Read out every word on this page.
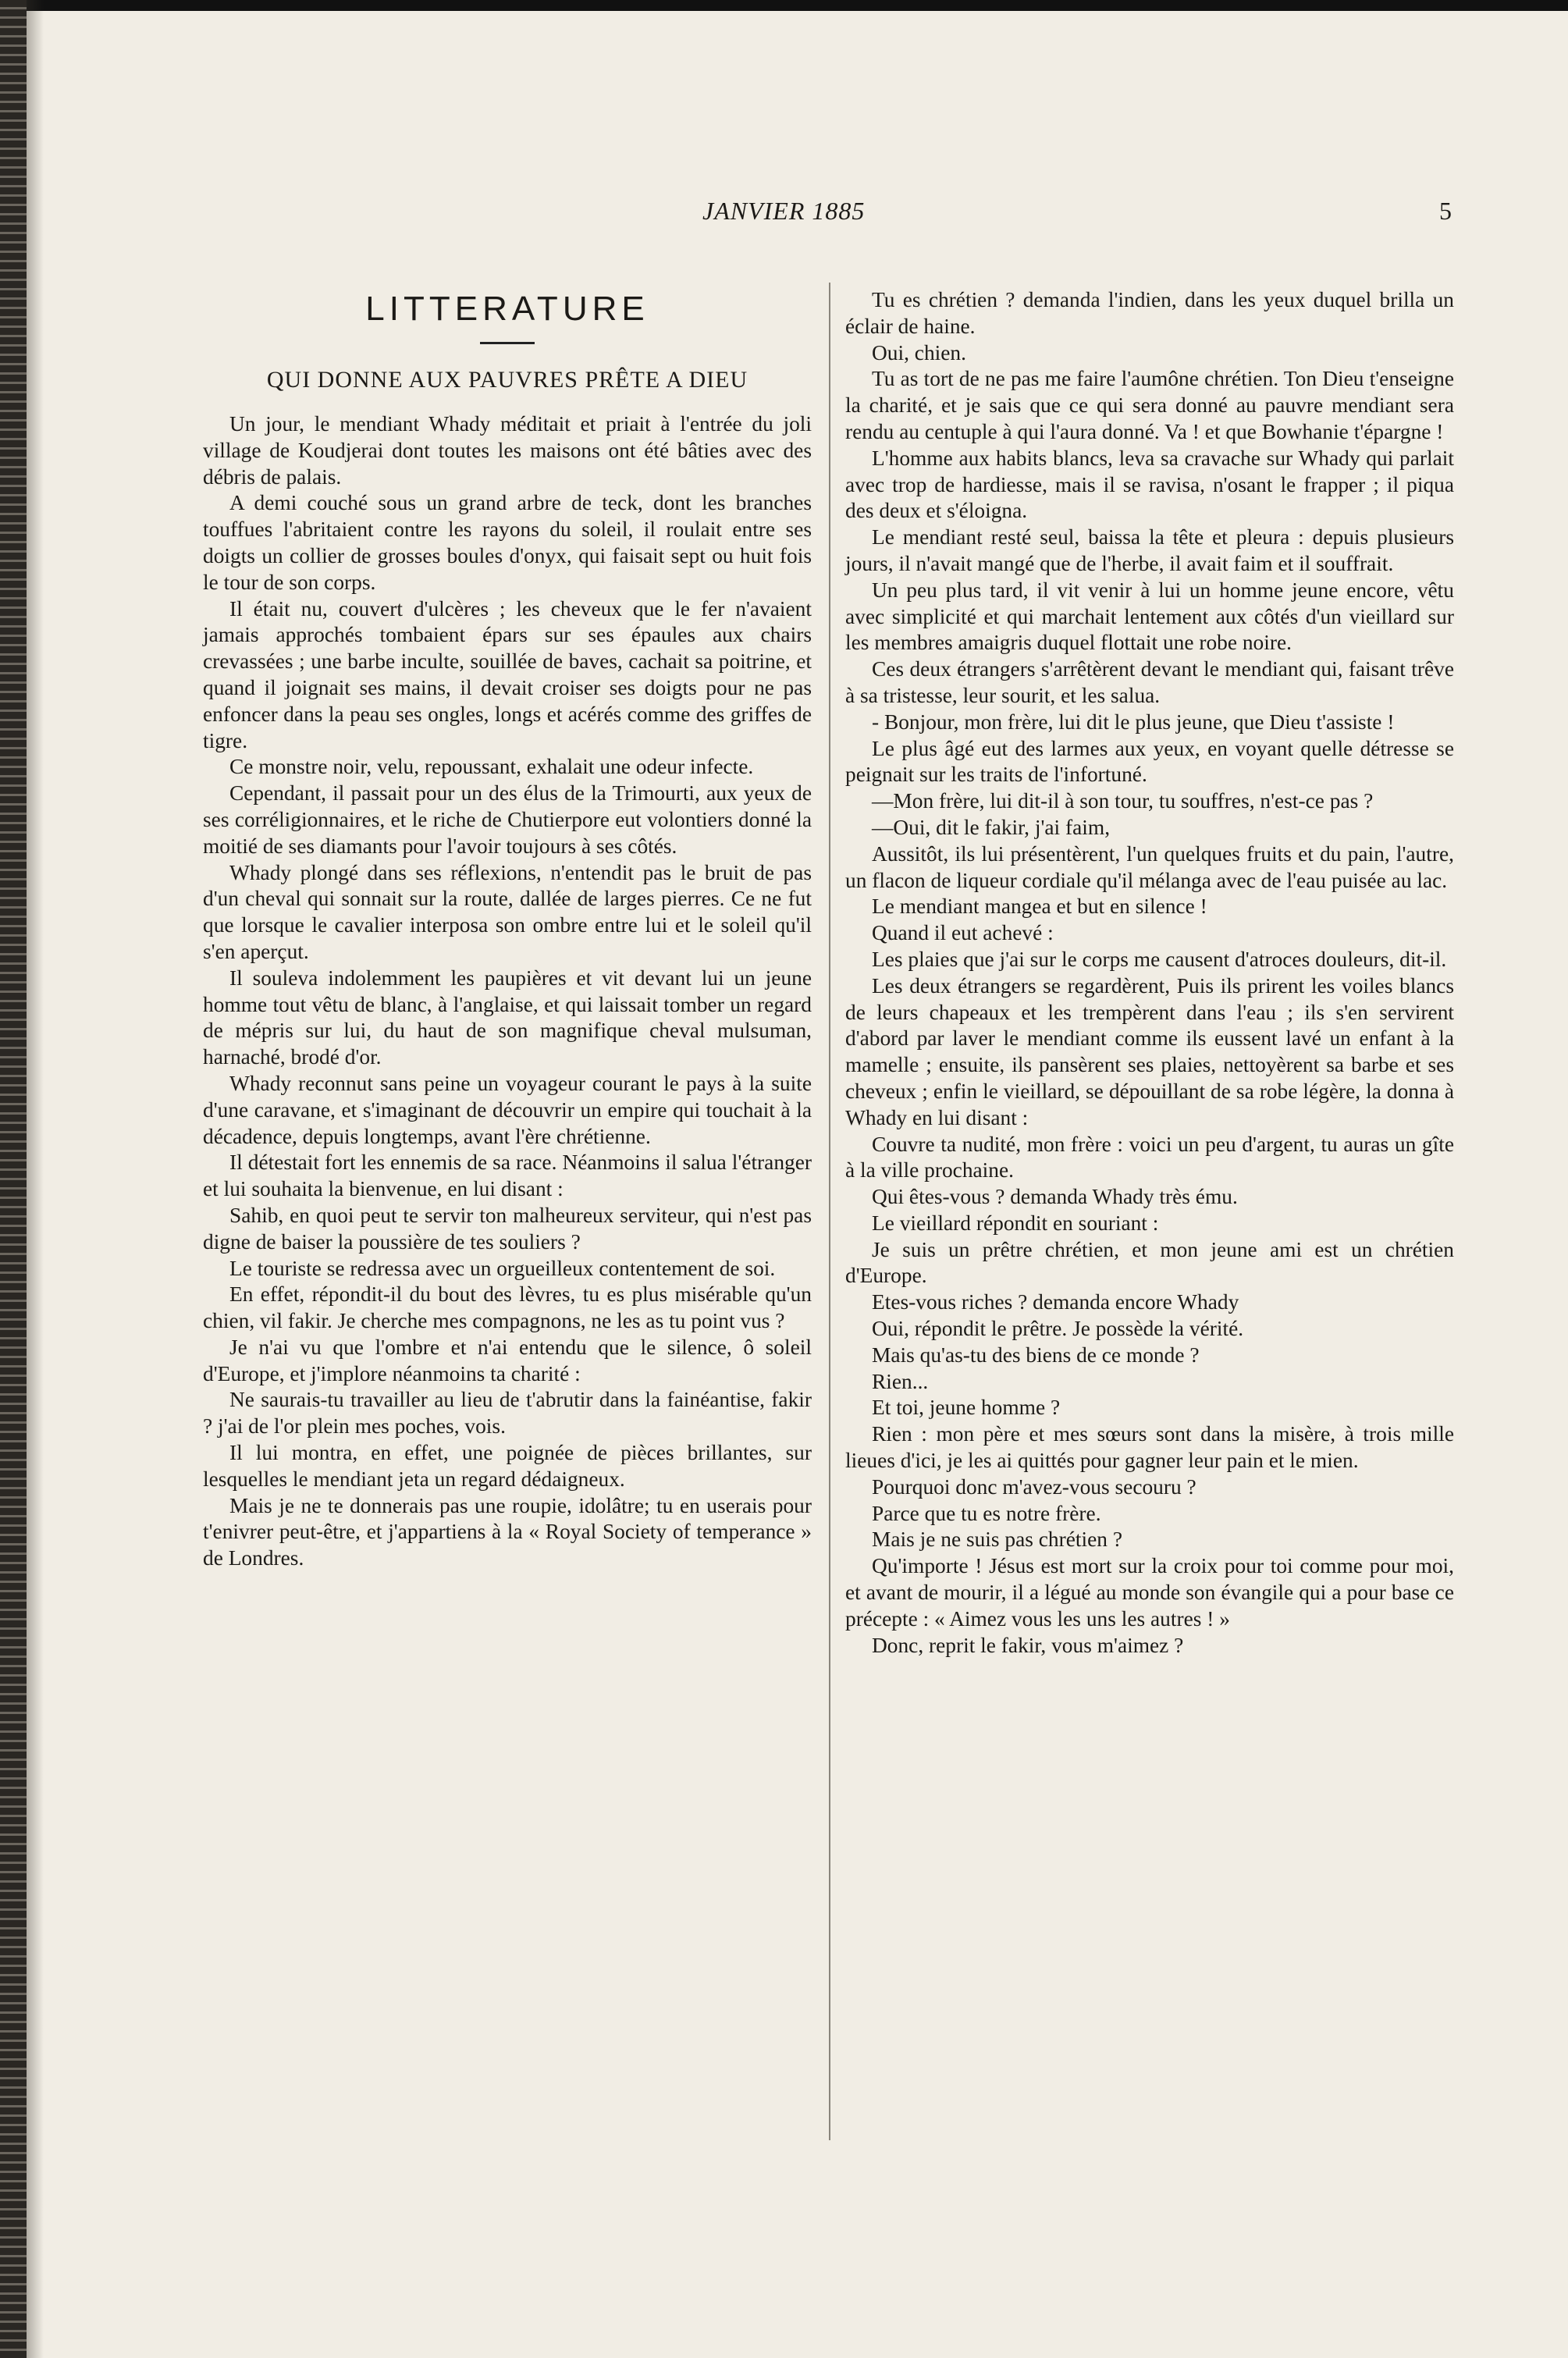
JANVIER 1885	5
LITTERATURE
QUI DONNE AUX PAUVRES PRÊTE A DIEU

Un jour, le mendiant Whady méditait et priait à l'entrée du joli village de Koudjerai dont toutes les maisons ont été bâties avec des débris de palais.

A demi couché sous un grand arbre de teck, dont les branches touffues l'abritaient contre les rayons du soleil, il roulait entre ses doigts un collier de grosses boules d'onyx, qui faisait sept ou huit fois le tour de son corps.

Il était nu, couvert d'ulcères ; les cheveux que le fer n'avaient jamais approchés tombaient épars sur ses épaules aux chairs crevassées ; une barbe inculte, souillée de baves, cachait sa poitrine, et quand il joignait ses mains, il devait croiser ses doigts pour ne pas enfoncer dans la peau ses ongles, longs et acérés comme des griffes de tigre.

Ce monstre noir, velu, repoussant, exhalait une odeur infecte.

Cependant, il passait pour un des élus de la Trimourti, aux yeux de ses corréligionnaires, et le riche de Chutierpore eut volontiers donné la moitié de ses diamants pour l'avoir toujours à ses côtés.

Whady plongé dans ses réflexions, n'entendit pas le bruit de pas d'un cheval qui sonnait sur la route, dallée de larges pierres. Ce ne fut que lorsque le cavalier interposa son ombre entre lui et le soleil qu'il s'en aperçut.

Il souleva indolemment les paupières et vit devant lui un jeune homme tout vêtu de blanc, à l'anglaise, et qui laissait tomber un regard de mépris sur lui, du haut de son magnifique cheval mulsuman, harnaché, brodé d'or.

Whady reconnut sans peine un voyageur courant le pays à la suite d'une caravane, et s'imaginant de découvrir un empire qui touchait à la décadence, depuis longtemps, avant l'ère chrétienne.

Il détestait fort les ennemis de sa race. Néanmoins il salua l'étranger et lui souhaita la bienvenue, en lui disant :

Sahib, en quoi peut te servir ton malheureux serviteur, qui n'est pas digne de baiser la poussière de tes souliers ?

Le touriste se redressa avec un orgueilleux contentement de soi.

En effet, répondit-il du bout des lèvres, tu es plus misérable qu'un chien, vil fakir. Je cherche mes compagnons, ne les as tu point vus ?

Je n'ai vu que l'ombre et n'ai entendu que le silence, ô soleil d'Europe, et j'implore néanmoins ta charité :

Ne saurais-tu travailler au lieu de t'abrutir dans la fainéantise, fakir ? j'ai de l'or plein mes poches, vois.

Il lui montra, en effet, une poignée de pièces brillantes, sur lesquelles le mendiant jeta un regard dédaigneux.

Mais je ne te donnerais pas une roupie, idolâtre; tu en userais pour t'enivrer peut-être, et j'appartiens à la « Royal Society of temperance » de Londres.

Tu es chrétien ? demanda l'indien, dans les yeux duquel brilla un éclair de haine.

Oui, chien.

Tu as tort de ne pas me faire l'aumône chrétien. Ton Dieu t'enseigne la charité, et je sais que ce qui sera donné au pauvre mendiant sera rendu au centuple à qui l'aura donné. Va ! et que Bowhanie t'épargne !

L'homme aux habits blancs, leva sa cravache sur Whady qui parlait avec trop de hardiesse, mais il se ravisa, n'osant le frapper ; il piqua des deux et s'éloigna.

Le mendiant resté seul, baissa la tête et pleura : depuis plusieurs jours, il n'avait mangé que de l'herbe, il avait faim et il souffrait.

Un peu plus tard, il vit venir à lui un homme jeune encore, vêtu avec simplicité et qui marchait lentement aux côtés d'un vieillard sur les membres amaigris duquel flottait une robe noire.

Ces deux étrangers s'arrêtèrent devant le mendiant qui, faisant trêve à sa tristesse, leur sourit, et les salua.

- Bonjour, mon frère, lui dit le plus jeune, que Dieu t'assiste !

Le plus âgé eut des larmes aux yeux, en voyant quelle détresse se peignait sur les traits de l'infortuné.

—Mon frère, lui dit-il à son tour, tu souffres, n'est-ce pas ?

—Oui, dit le fakir, j'ai faim,

Aussitôt, ils lui présentèrent, l'un quelques fruits et du pain, l'autre, un flacon de liqueur cordiale qu'il mélanga avec de l'eau puisée au lac.

Le mendiant mangea et but en silence !

Quand il eut achevé :

Les plaies que j'ai sur le corps me causent d'atroces douleurs, dit-il.

Les deux étrangers se regardèrent, Puis ils prirent les voiles blancs de leurs chapeaux et les trempèrent dans l'eau ; ils s'en servirent d'abord par laver le mendiant comme ils eussent lavé un enfant à la mamelle ; ensuite, ils pansèrent ses plaies, nettoyèrent sa barbe et ses cheveux ; enfin le vieillard, se dépouillant de sa robe légère, la donna à Whady en lui disant :

Couvre ta nudité, mon frère : voici un peu d'argent, tu auras un gîte à la ville prochaine.

Qui êtes-vous ? demanda Whady très ému.

Le vieillard répondit en souriant :

Je suis un prêtre chrétien, et mon jeune ami est un chrétien d'Europe.

Etes-vous riches ? demanda encore Whady

Oui, répondit le prêtre. Je possède la vérité.

Mais qu'as-tu des biens de ce monde ?

Rien...

Et toi, jeune homme ?

Rien : mon père et mes sœurs sont dans la misère, à trois mille lieues d'ici, je les ai quittés pour gagner leur pain et le mien.

Pourquoi donc m'avez-vous secouru ?

Parce que tu es notre frère.

Mais je ne suis pas chrétien ?

Qu'importe ! Jésus est mort sur la croix pour toi comme pour moi, et avant de mourir, il a légué au monde son évangile qui a pour base ce précepte : « Aimez vous les uns les autres ! »

Donc, reprit le fakir, vous m'aimez ?
